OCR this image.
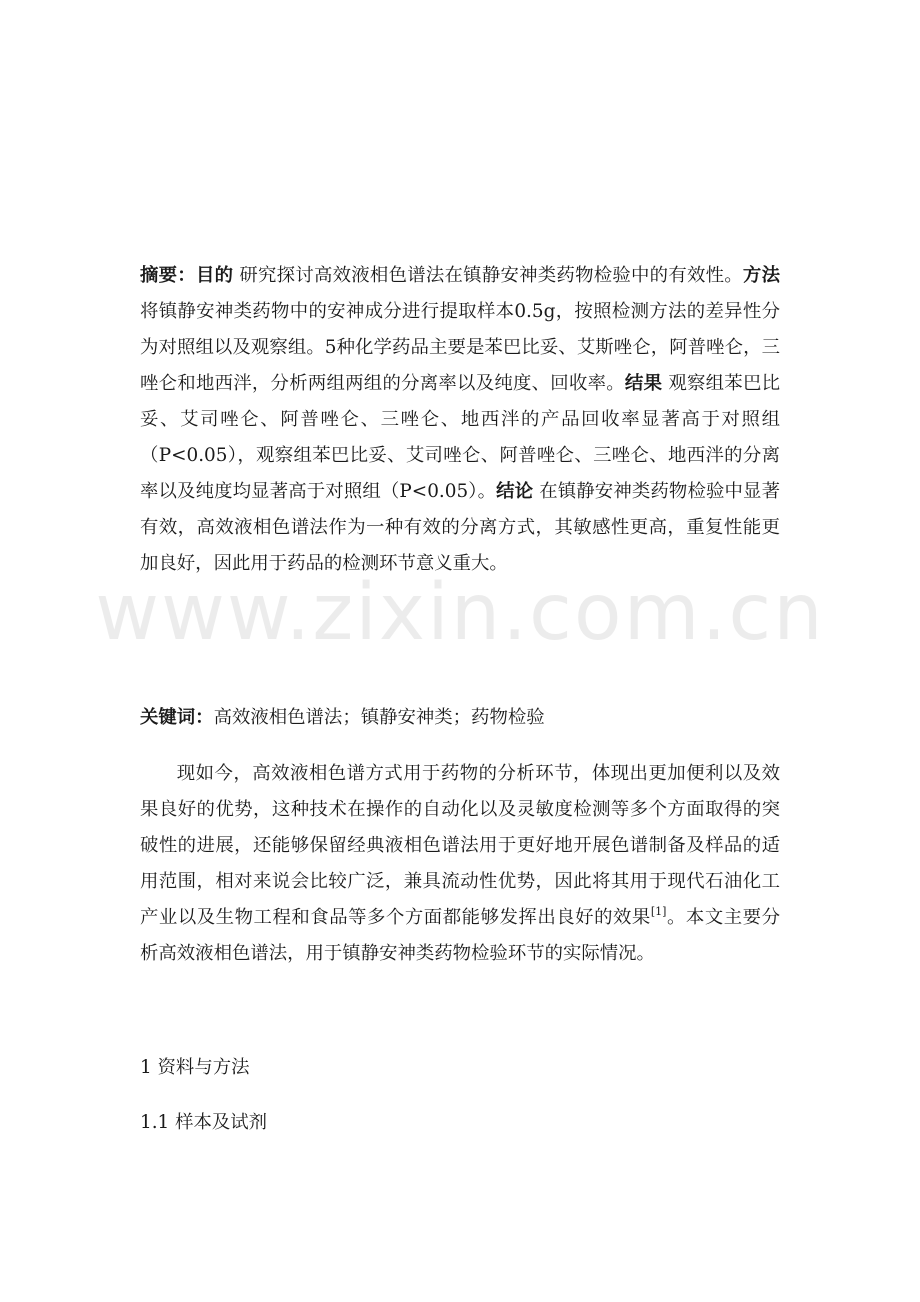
www.zixin.com.cn

摘要：目的 研究探讨高效液相色谱法在镇静安神类药物检验中的有效性。方法将镇静安神类药物中的安神成分进行提取样本0.5g，按照检测方法的差异性分为对照组以及观察组。5种化学药品主要是苯巴比妥、艾斯唑仑，阿普唑仑，三唑仑和地西泮，分析两组两组的分离率以及纯度、回收率。结果 观察组苯巴比妥、艾司唑仑、阿普唑仑、三唑仑、地西泮的产品回收率显著高于对照组（P<0.05），观察组苯巴比妥、艾司唑仑、阿普唑仑、三唑仑、地西泮的分离率以及纯度均显著高于对照组（P<0.05）。结论 在镇静安神类药物检验中显著有效，高效液相色谱法作为一种有效的分离方式，其敏感性更高，重复性能更加良好，因此用于药品的检测环节意义重大。

关键词：高效液相色谱法；镇静安神类；药物检验

现如今，高效液相色谱方式用于药物的分析环节，体现出更加便利以及效果良好的优势，这种技术在操作的自动化以及灵敏度检测等多个方面取得的突破性的进展，还能够保留经典液相色谱法用于更好地开展色谱制备及样品的适用范围，相对来说会比较广泛，兼具流动性优势，因此将其用于现代石油化工产业以及生物工程和食品等多个方面都能够发挥出良好的效果[1]。本文主要分析高效液相色谱法，用于镇静安神类药物检验环节的实际情况。

1 资料与方法

1.1 样本及试剂
